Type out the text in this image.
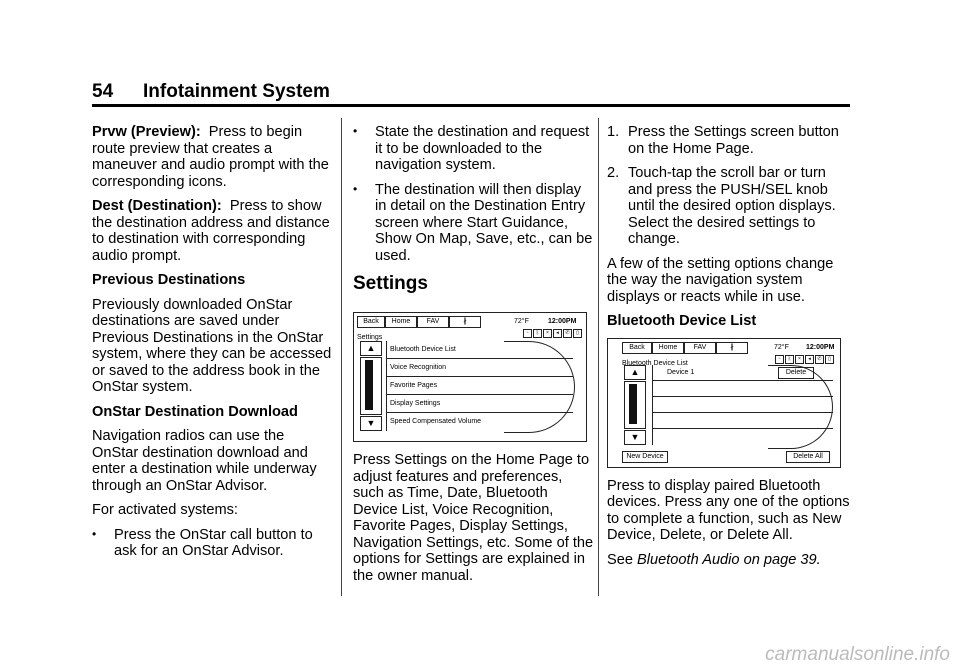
54 Infotainment System

Prvw (Preview): Press to begin route preview that creates a maneuver and audio prompt with the corresponding icons.

Dest (Destination): Press to show the destination address and distance to destination with corresponding audio prompt.

Previous Destinations

Previously downloaded OnStar destinations are saved under Previous Destinations in the OnStar system, where they can be accessed or saved to the address book in the OnStar system.

OnStar Destination Download

Navigation radios can use the OnStar destination download and enter a destination while underway through an OnStar Advisor.

For activated systems:

• Press the OnStar call button to ask for an OnStar Advisor.
• State the destination and request it to be downloaded to the navigation system.
• The destination will then display in detail on the Destination Entry screen where Start Guidance, Show On Map, Save, etc., can be used.
Settings
Back	Home	FAV	∦	72°F	12:00PM
Settings
▫	ᛒ	×	◂	✆	▯
▲
▼
Bluetooth Device List
Voice Recognition
Favorite Pages
Display Settings
Speed Compensated Volume

Press Settings on the Home Page to adjust features and preferences, such as Time, Date, Bluetooth Device List, Voice Recognition, Favorite Pages, Display Settings, Navigation Settings, etc. Some of the options for Settings are explained in the owner manual.

1. Press the Settings screen button on the Home Page.
2. Touch-tap the scroll bar or turn and press the PUSH/SEL knob until the desired option displays. Select the desired settings to change.

A few of the setting options change the way the navigation system displays or reacts while in use.

Bluetooth Device List

Back	Home	FAV	∦	72°F 12:00PM
Bluetooth Device List
▫	ᛒ	×	◂	✆	▯
▲
▼
Device 1	Delete
New Device	Delete All

Press to display paired Bluetooth devices. Press any one of the options to complete a function, such as New Device, Delete, or Delete All.

See Bluetooth Audio on page 39.

carmanualsonline.info
